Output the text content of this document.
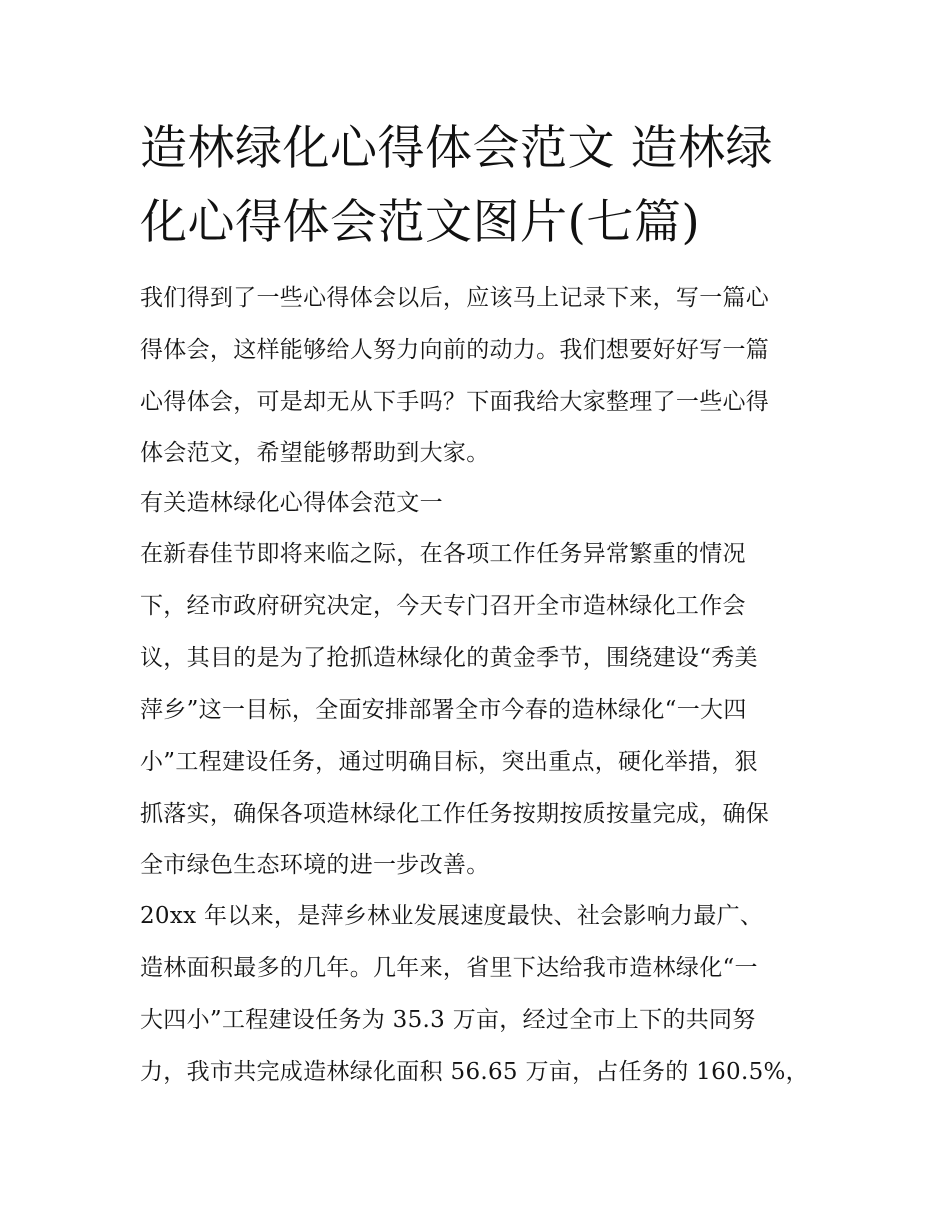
造林绿化心得体会范文 造林绿
化心得体会范文图片(七篇)
我们得到了一些心得体会以后，应该马上记录下来，写一篇心
得体会，这样能够给人努力向前的动力。我们想要好好写一篇
心得体会，可是却无从下手吗？下面我给大家整理了一些心得
体会范文，希望能够帮助到大家。
有关造林绿化心得体会范文一
在新春佳节即将来临之际，在各项工作任务异常繁重的情况
下，经市政府研究决定，今天专门召开全市造林绿化工作会
议，其目的是为了抢抓造林绿化的黄金季节，围绕建设“秀美
萍乡”这一目标，全面安排部署全市今春的造林绿化“一大四
小”工程建设任务，通过明确目标，突出重点，硬化举措，狠
抓落实，确保各项造林绿化工作任务按期按质按量完成，确保
全市绿色生态环境的进一步改善。
20xx 年以来，是萍乡林业发展速度最快、社会影响力最广、
造林面积最多的几年。几年来，省里下达给我市造林绿化“一
大四小”工程建设任务为 35.3 万亩，经过全市上下的共同努
力，我市共完成造林绿化面积 56.65 万亩，占任务的 160.5%，
